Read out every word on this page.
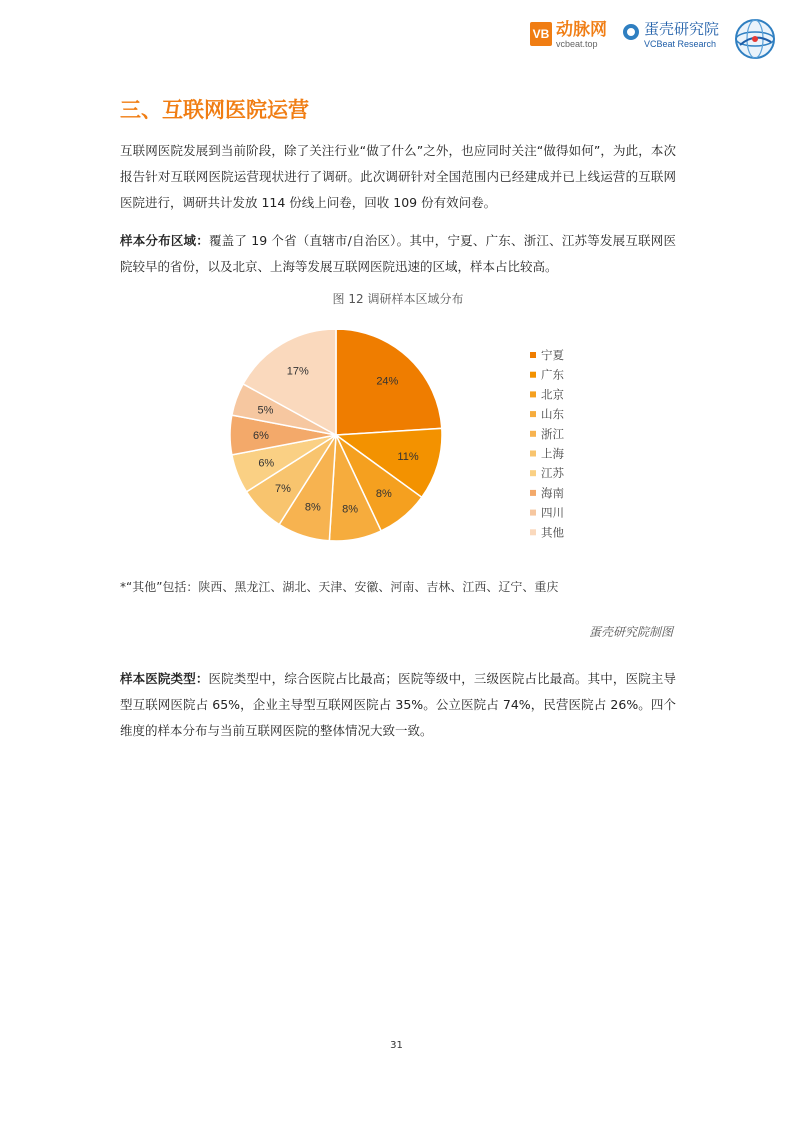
VB 动脉网
vcbeat.top
蛋壳研究院
VCBeat Research
三、互联网医院运营

互联网医院发展到当前阶段，除了关注行业“做了什么”之外，也应同时关注“做得如何”，为此，本次报告针对互联网医院运营现状进行了调研。此次调研针对全国范围内已经建成并已上线运营的互联网医院进行，调研共计发放 114 份线上问卷，回收 109 份有效问卷。

样本分布区域：覆盖了 19 个省（直辖市/自治区）。其中，宁夏、广东、浙江、江苏等发展互联网医院较早的省份，以及北京、上海等发展互联网医院迅速的区域，样本占比较高。

图 12 调研样本区域分布

24%
11%
8%
8%
8%
7%
6%
6%
5%
17%
宁夏
广东
北京
山东
浙江
上海
江苏
海南
四川
其他

*“其他”包括：陕西、黑龙江、湖北、天津、安徽、河南、吉林、江西、辽宁、重庆

蛋壳研究院制图

样本医院类型：医院类型中，综合医院占比最高；医院等级中，三级医院占比最高。其中，医院主导型互联网医院占 65%，企业主导型互联网医院占 35%。公立医院占 74%，民营医院占 26%。四个维度的样本分布与当前互联网医院的整体情况大致一致。

31
